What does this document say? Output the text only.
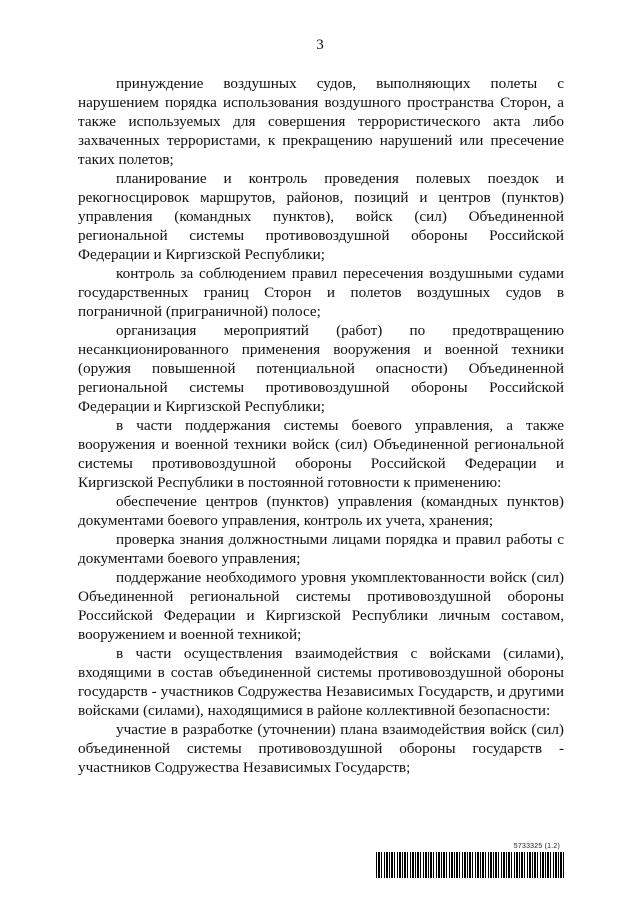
3

принуждение воздушных судов, выполняющих полеты с нарушением порядка использования воздушного пространства Сторон, а также используемых для совершения террористического акта либо захваченных террористами, к прекращению нарушений или пресечение таких полетов;

планирование и контроль проведения полевых поездок и рекогносцировок маршрутов, районов, позиций и центров (пунктов) управления (командных пунктов), войск (сил) Объединенной региональной системы противовоздушной обороны Российской Федерации и Киргизской Республики;

контроль за соблюдением правил пересечения воздушными судами государственных границ Сторон и полетов воздушных судов в пограничной (приграничной) полосе;

организация мероприятий (работ) по предотвращению несанкционированного применения вооружения и военной техники (оружия повышенной потенциальной опасности) Объединенной региональной системы противовоздушной обороны Российской Федерации и Киргизской Республики;

в части поддержания системы боевого управления, а также вооружения и военной техники войск (сил) Объединенной региональной системы противовоздушной обороны Российской Федерации и Киргизской Республики в постоянной готовности к применению:

обеспечение центров (пунктов) управления (командных пунктов) документами боевого управления, контроль их учета, хранения;

проверка знания должностными лицами порядка и правил работы с документами боевого управления;

поддержание необходимого уровня укомплектованности войск (сил) Объединенной региональной системы противовоздушной обороны Российской Федерации и Киргизской Республики личным составом, вооружением и военной техникой;

в части осуществления взаимодействия с войсками (силами), входящими в состав объединенной системы противовоздушной обороны государств - участников Содружества Независимых Государств, и другими войсками (силами), находящимися в районе коллективной безопасности:

участие в разработке (уточнении) плана взаимодействия войск (сил) объединенной системы противовоздушной обороны государств - участников Содружества Независимых Государств;

5733325 (1.2)
